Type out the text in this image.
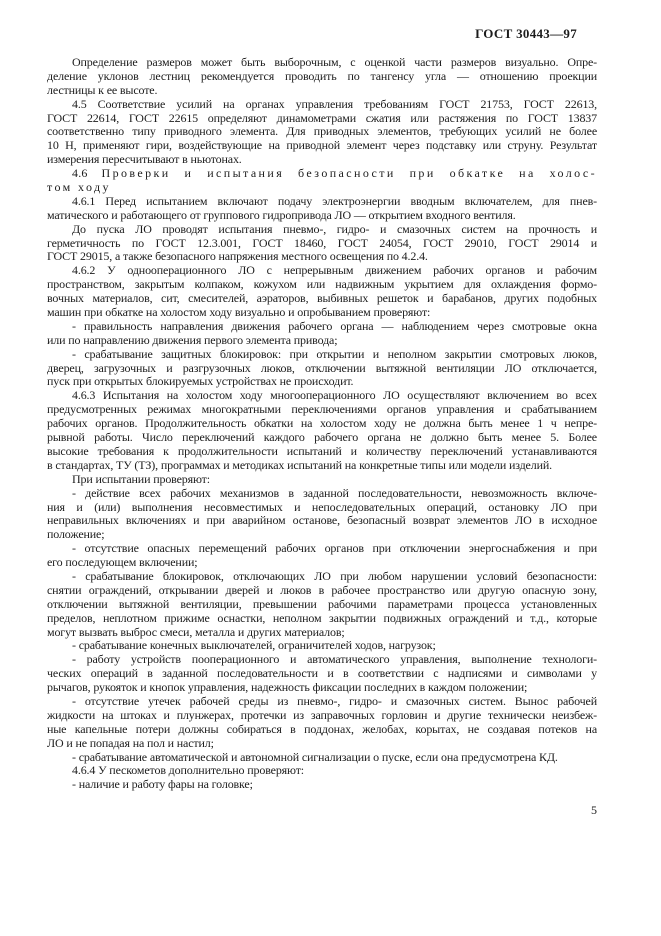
ГОСТ 30443—97
Определение размеров может быть выборочным, с оценкой части размеров визуально. Опре-
деление уклонов лестниц рекомендуется проводить по тангенсу угла — отношению проекции
лестницы к ее высоте.
4.5 Соответствие усилий на органах управления требованиям ГОСТ 21753, ГОСТ 22613,
ГОСТ 22614, ГОСТ 22615 определяют динамометрами сжатия или растяжения по ГОСТ 13837
соответственно типу приводного элемента. Для приводных элементов, требующих усилий не более
10 Н, применяют гири, воздействующие на приводной элемент через подставку или струну. Результат
измерения пересчитывают в ньютонах.
4.6 Проверки и испытания безопасности при обкатке на холос-
том ходу
4.6.1 Перед испытанием включают подачу электроэнергии вводным включателем, для пнев-
матического и работающего от группового гидропривода ЛО — открытием входного вентиля.
До пуска ЛО проводят испытания пневмо-, гидро- и смазочных систем на прочность и
герметичность по ГОСТ 12.3.001, ГОСТ 18460, ГОСТ 24054, ГОСТ 29010, ГОСТ 29014 и
ГОСТ 29015, а также безопасного напряжения местного освещения по 4.2.4.
4.6.2 У однооперационного ЛО с непрерывным движением рабочих органов и рабочим
пространством, закрытым колпаком, кожухом или надвижным укрытием для охлаждения формо-
вочных материалов, сит, смесителей, аэраторов, выбивных решеток и барабанов, других подобных
машин при обкатке на холостом ходу визуально и опробыванием проверяют:
- правильность направления движения рабочего органа — наблюдением через смотровые окна
или по направлению движения первого элемента привода;
- срабатывание защитных блокировок: при открытии и неполном закрытии смотровых люков,
дверец, загрузочных и разгрузочных люков, отключении вытяжной вентиляции ЛО отключается,
пуск при открытых блокируемых устройствах не происходит.
4.6.3 Испытания на холостом ходу многооперационного ЛО осуществляют включением во всех
предусмотренных режимах многократными переключениями органов управления и срабатыванием
рабочих органов. Продолжительность обкатки на холостом ходу не должна быть менее 1 ч непре-
рывной работы. Число переключений каждого рабочего органа не должно быть менее 5. Более
высокие требования к продолжительности испытаний и количеству переключений устанавливаются
в стандартах, ТУ (ТЗ), программах и методиках испытаний на конкретные типы или модели изделий.
При испытании проверяют:
- действие всех рабочих механизмов в заданной последовательности, невозможность включе-
ния и (или) выполнения несовместимых и непоследовательных операций, остановку ЛО при
неправильных включениях и при аварийном останове, безопасный возврат элементов ЛО в исходное
положение;
- отсутствие опасных перемещений рабочих органов при отключении энергоснабжения и при
его последующем включении;
- срабатывание блокировок, отключающих ЛО при любом нарушении условий безопасности:
снятии ограждений, открывании дверей и люков в рабочее пространство или другую опасную зону,
отключении вытяжной вентиляции, превышении рабочими параметрами процесса установленных
пределов, неплотном прижиме оснастки, неполном закрытии подвижных ограждений и т.д., которые
могут вызвать выброс смеси, металла и других материалов;
- срабатывание конечных выключателей, ограничителей ходов, нагрузок;
- работу устройств пооперационного и автоматического управления, выполнение технологи-
ческих операций в заданной последовательности и в соответствии с надписями и символами у
рычагов, рукояток и кнопок управления, надежность фиксации последних в каждом положении;
- отсутствие утечек рабочей среды из пневмо-, гидро- и смазочных систем. Вынос рабочей
жидкости на штоках и плунжерах, протечки из заправочных горловин и другие технически неизбеж-
ные капельные потери должны собираться в поддонах, желобах, корытах, не создавая потеков на
ЛО и не попадая на пол и настил;
- срабатывание автоматической и автономной сигнализации о пуске, если она предусмотрена КД.
4.6.4 У пескометов дополнительно проверяют:
- наличие и работу фары на головке;
5
